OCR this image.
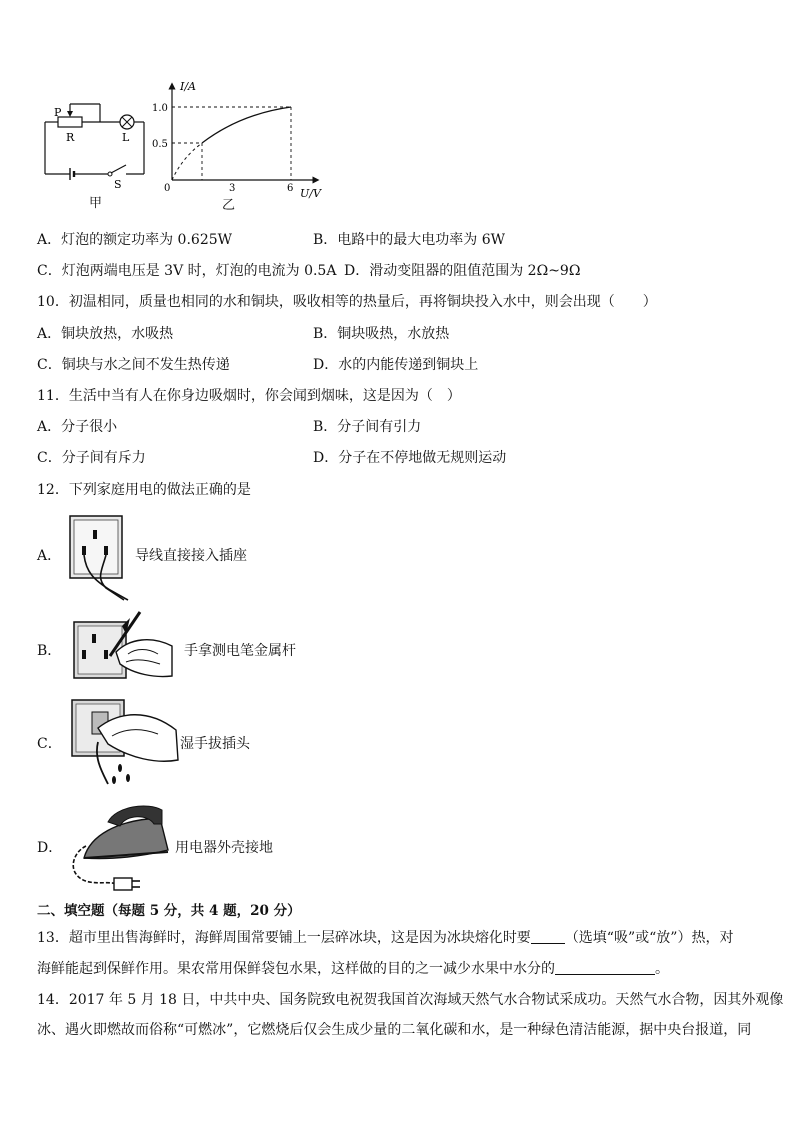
P
R	L
S
甲
I/A
U/V
0
1.0
0.5
3	6
乙
A．灯泡的额定功率为 0.625W	B．电路中的最大电功率为 6W
C．灯泡两端电压是 3V 时，灯泡的电流为 0.5A D．滑动变阻器的阻值范围为 2Ω~9Ω
10．初温相同，质量也相同的水和铜块，吸收相等的热量后，再将铜块投入水中，则会出现（　　）
A．铜块放热，水吸热	B．铜块吸热，水放热
C．铜块与水之间不发生热传递	D．水的内能传递到铜块上
11．生活中当有人在你身边吸烟时，你会闻到烟味，这是因为（　）
A．分子很小	B．分子间有引力
C．分子间有斥力	D．分子在不停地做无规则运动
12．下列家庭用电的做法正确的是
A．	导线直接接入插座
B．	手拿测电笔金属杆
C．	湿手拔插头
D．	用电器外壳接地
二、填空题（每题 5 分，共 4 题，20 分）
13．超市里出售海鲜时，海鲜周围常要铺上一层碎冰块，这是因为冰块熔化时要 （选填“吸”或“放”）热，对
海鲜能起到保鲜作用。果农常用保鲜袋包水果，这样做的目的之一减少水果中水分的	。
14．2017 年 5 月 18 日，中共中央、国务院致电祝贺我国首次海域天然气水合物试采成功。天然气水合物，因其外观像
冰、遇火即燃故而俗称“可燃冰”，它燃烧后仅会生成少量的二氧化碳和水，是一种绿色清洁能源，据中央台报道，同
